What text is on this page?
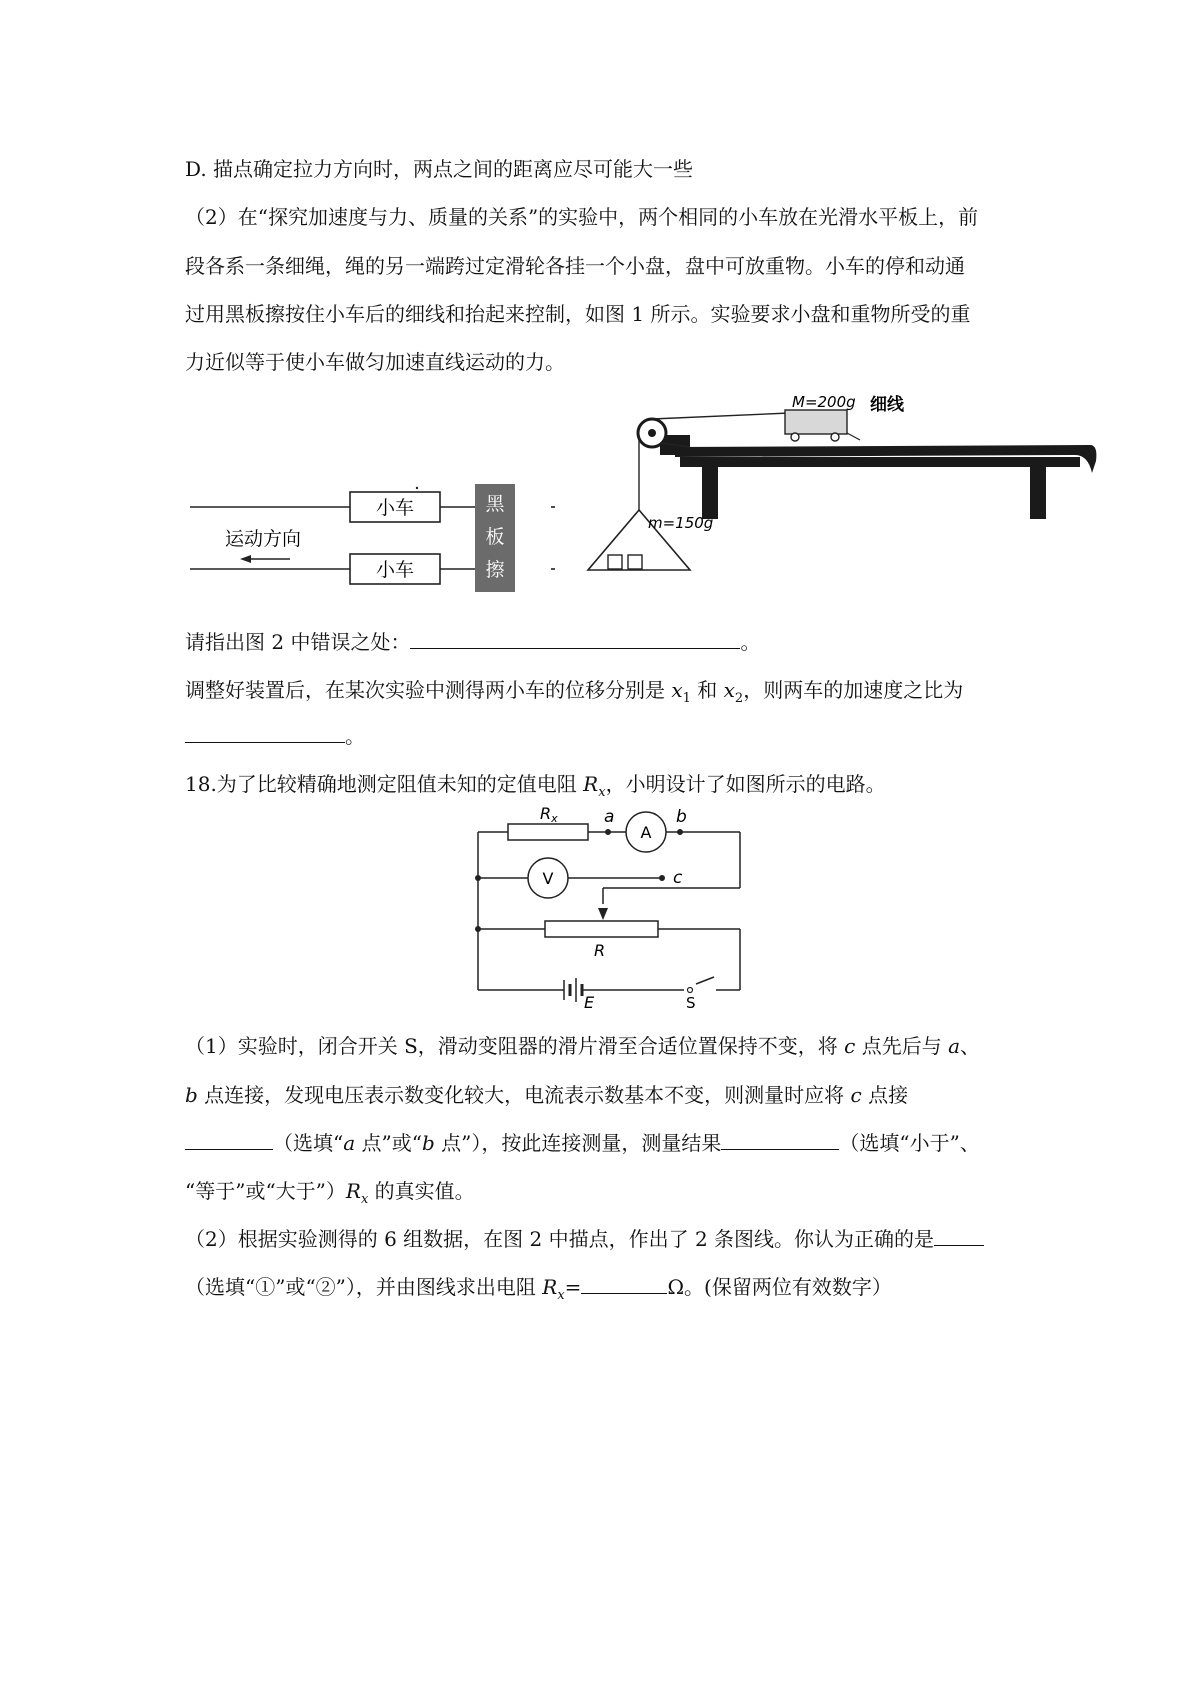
D. 描点确定拉力方向时，两点之间的距离应尽可能大一些
（2）在“探究加速度与力、质量的关系”的实验中，两个相同的小车放在光滑水平板上，前
段各系一条细绳，绳的另一端跨过定滑轮各挂一个小盘，盘中可放重物。小车的停和动通
过用黑板擦按住小车后的细线和抬起来控制，如图 1 所示。实验要求小盘和重物所受的重
力近似等于使小车做匀加速直线运动的力。
小车
小车
运动方向
黑
板
擦
M=200g 细线
m=150g
请指出图 2 中错误之处：	。
调整好装置后，在某次实验中测得两小车的位移分别是 $x_1$ 和 $x_2$，则两车的加速度之比为
。
18.为了比较精确地测定阻值未知的定值电阻 $R_x$，小明设计了如图所示的电路。
Rx	a
A
b
V	c
R
E	S
（1）实验时，闭合开关 S，滑动变阻器的滑片滑至合适位置保持不变，将 c 点先后与 a、
b 点连接，发现电压表示数变化较大，电流表示数基本不变，则测量时应将 c 点接
（选填“a 点”或“b 点”），按此连接测量，测量结果	（选填“小于”、
“等于”或“大于$”)R_x$ 的真实值。
（2）根据实验测得的 6 组数据，在图 2 中描点，作出了 2 条图线。你认为正确的是
（选填“①”或“②”），并由图线求出电阻 $R_x=$	Ω。(保留两位有效数字）
